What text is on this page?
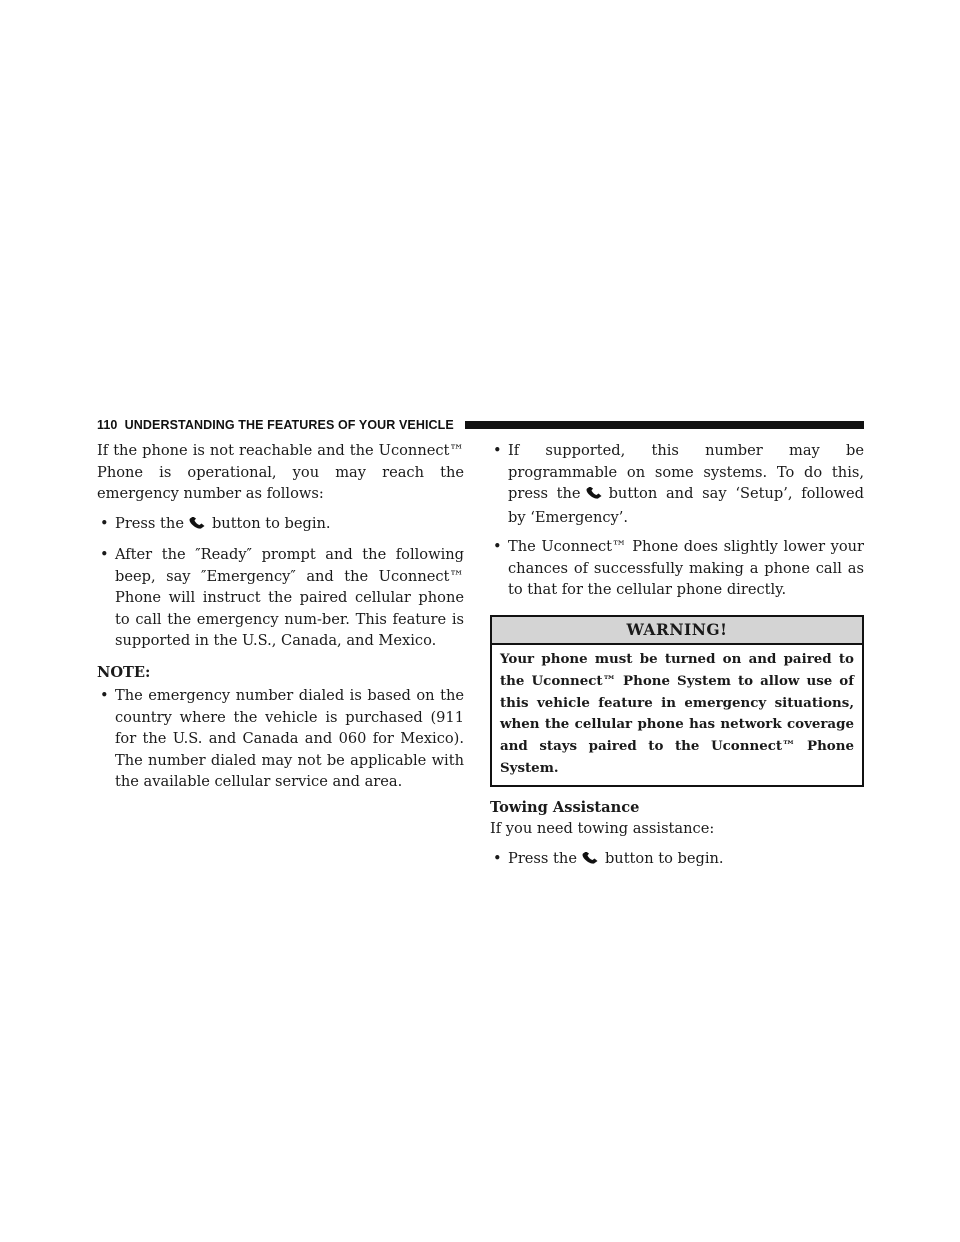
110 UNDERSTANDING THE FEATURES OF YOUR VEHICLE

If the phone is not reachable and the Uconnect™ Phone is operational, you may reach the emergency number as follows:

• Press the button to begin.
• After the ″Ready″ prompt and the following beep, say ″Emergency″ and the Uconnect™ Phone will instruct the paired cellular phone to call the emergency num-ber. This feature is supported in the U.S., Canada, and Mexico.

NOTE:

• The emergency number dialed is based on the country where the vehicle is purchased (911 for the U.S. and Canada and 060 for Mexico). The number dialed may not be applicable with the available cellular service and area.
• If supported, this number may be programmable on some systems. To do this, press the button and say ‘Setup’, followed by ‘Emergency’.
• The Uconnect™ Phone does slightly lower your chances of successfully making a phone call as to that for the cellular phone directly.
WARNING!
Your phone must be turned on and paired to the Uconnect™ Phone System to allow use of this vehicle feature in emergency situations, when the cellular phone has network coverage and stays paired to the Uconnect™ Phone System.

Towing Assistance

If you need towing assistance:

• Press the button to begin.
